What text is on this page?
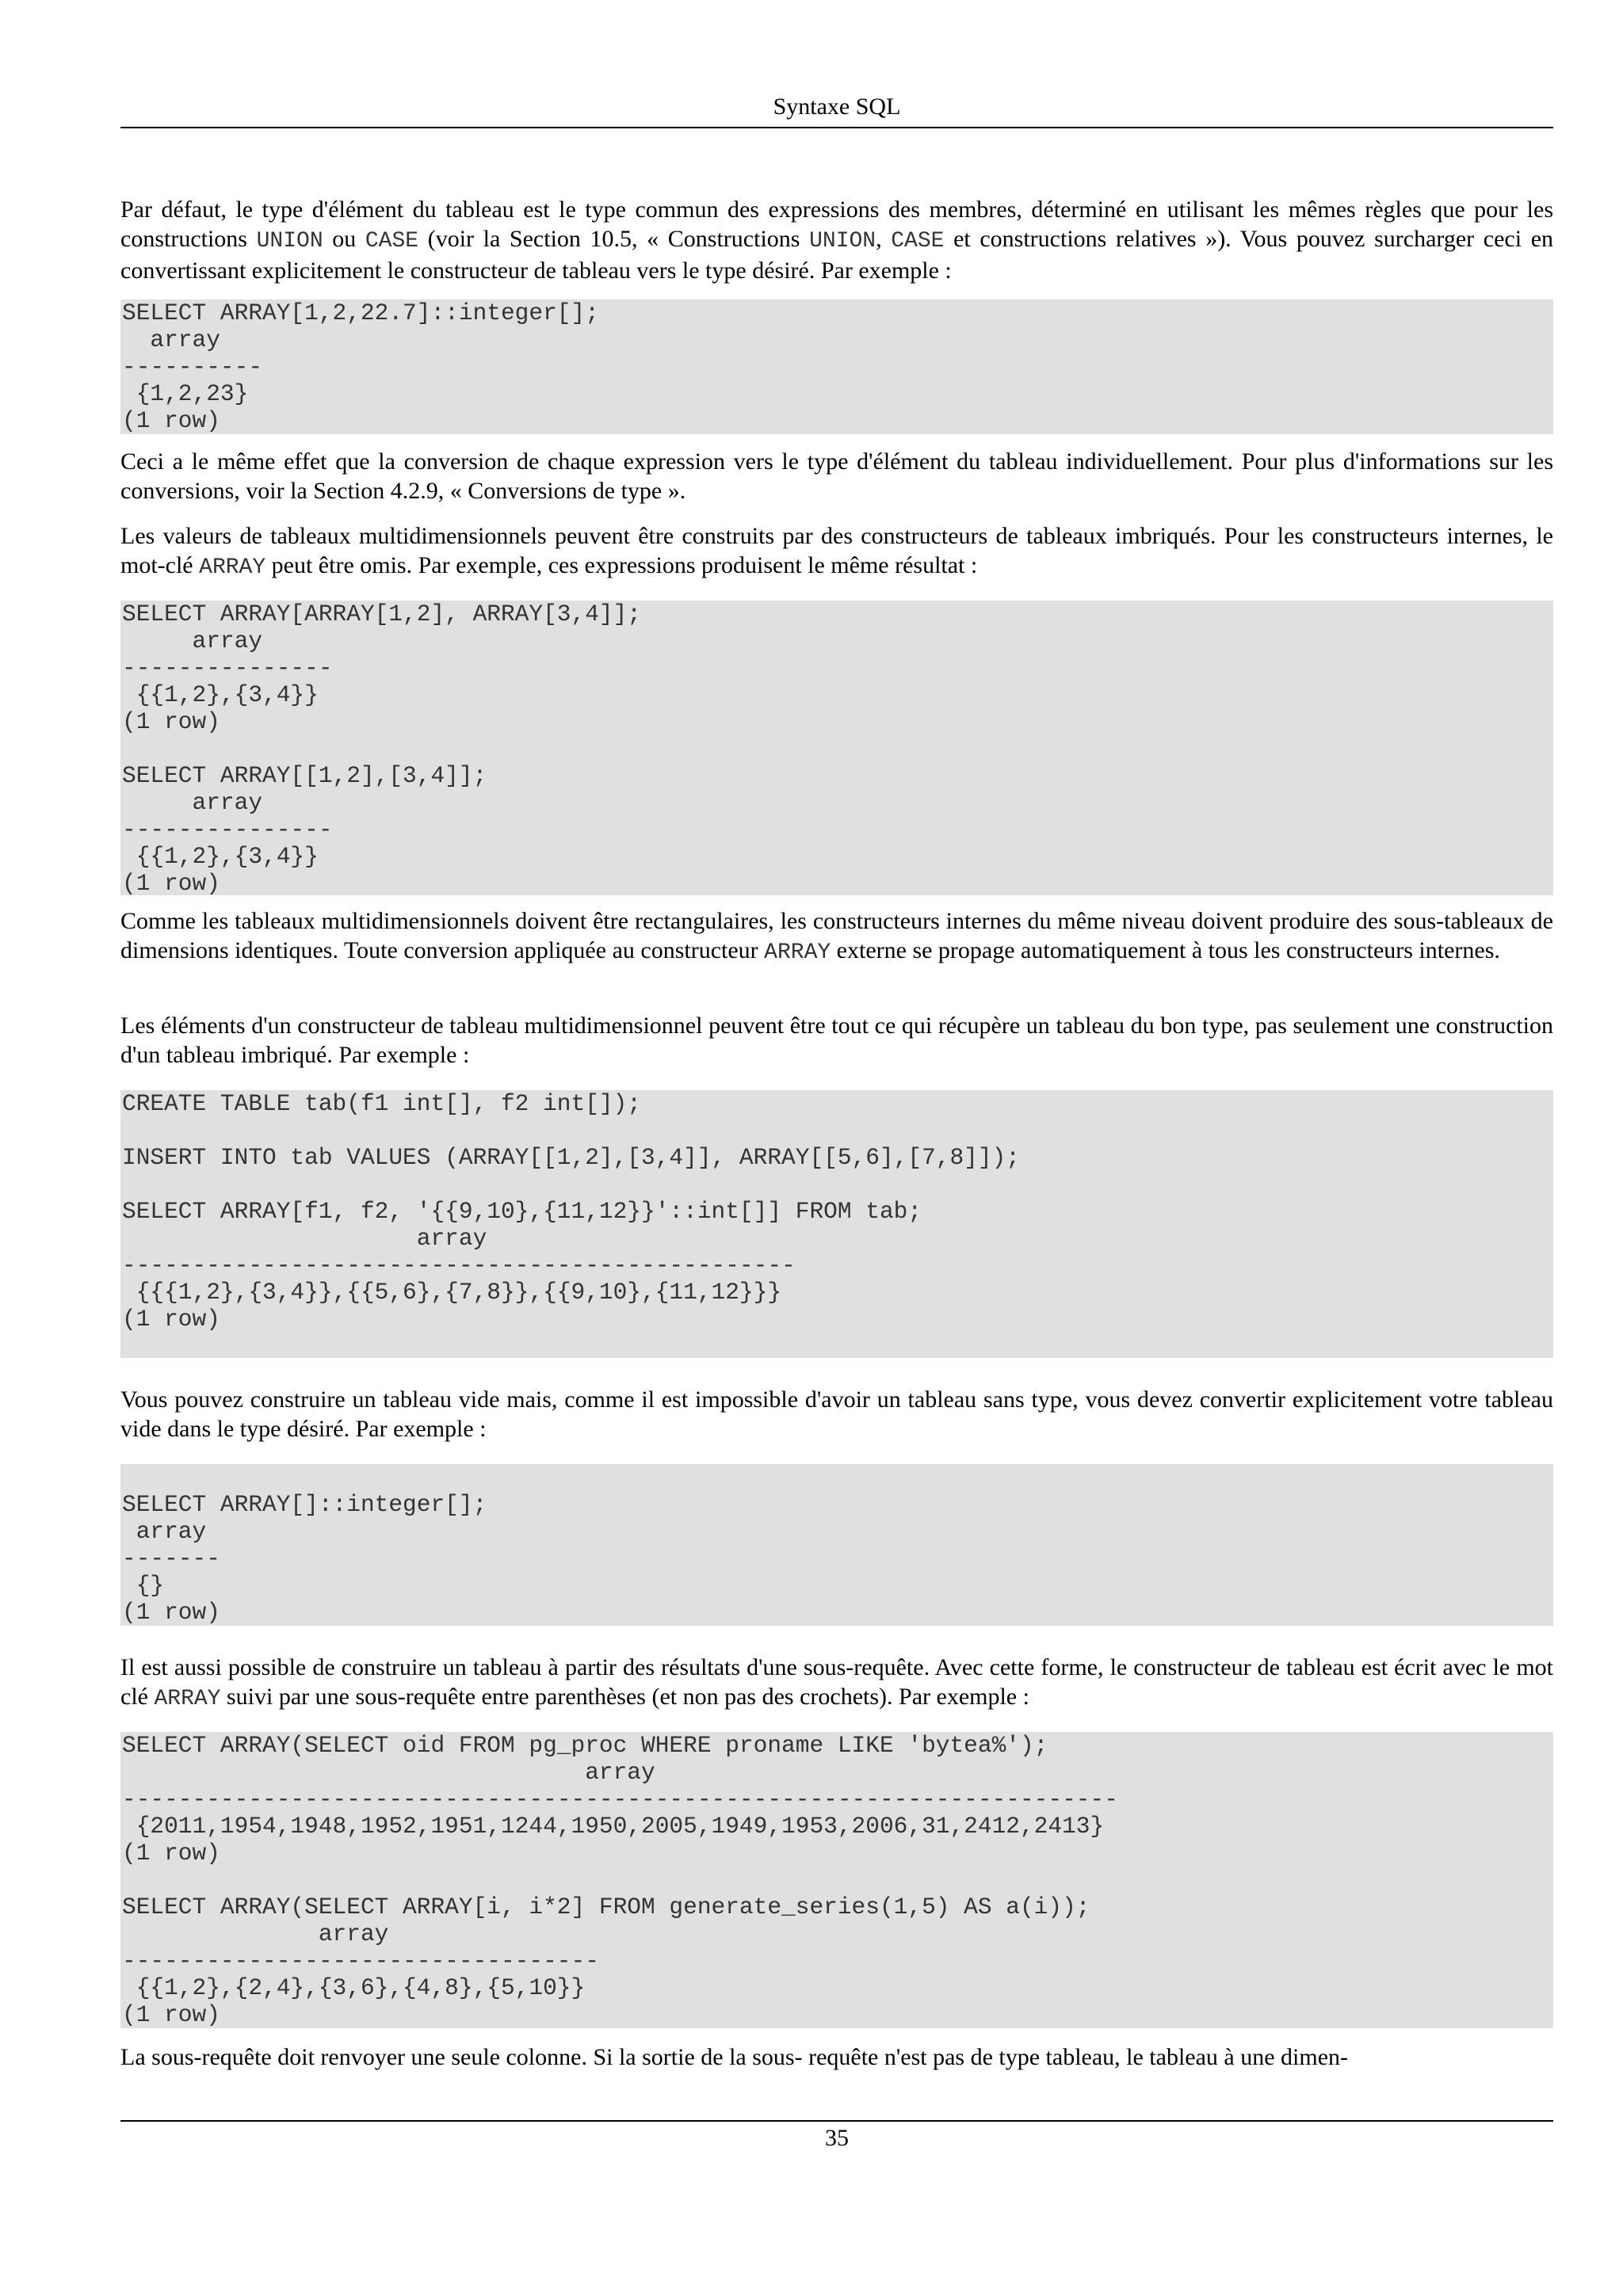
Syntaxe SQL

Par défaut, le type d'élément du tableau est le type commun des expressions des membres, déterminé en utilisant les mêmes règles que pour les constructions UNION ou CASE (voir la Section 10.5, « Constructions UNION, CASE et constructions relatives »). Vous pouvez surcharger ceci en convertissant explicitement le constructeur de tableau vers le type désiré. Par exemple :

SELECT ARRAY[1,2,22.7]::integer[];
array
----------
{1,2,23}
(1 row)

Ceci a le même effet que la conversion de chaque expression vers le type d'élément du tableau individuellement. Pour plus d'informations sur les conversions, voir la Section 4.2.9, « Conversions de type ».

Les valeurs de tableaux multidimensionnels peuvent être construits par des constructeurs de tableaux imbriqués. Pour les constructeurs internes, le mot-clé ARRAY peut être omis. Par exemple, ces expressions produisent le même résultat :

SELECT ARRAY[ARRAY[1,2], ARRAY[3,4]];
array
---------------
{{1,2},{3,4}}
(1 row)

SELECT ARRAY[[1,2],[3,4]];
array
---------------
{{1,2},{3,4}}
(1 row)

Comme les tableaux multidimensionnels doivent être rectangulaires, les constructeurs internes du même niveau doivent produire des sous-tableaux de dimensions identiques. Toute conversion appliquée au constructeur ARRAY externe se propage automatiquement à tous les constructeurs internes.

Les éléments d'un constructeur de tableau multidimensionnel peuvent être tout ce qui récupère un tableau du bon type, pas seulement une construction d'un tableau imbriqué. Par exemple :

CREATE TABLE tab(f1 int[], f2 int[]);

INSERT INTO tab VALUES (ARRAY[[1,2],[3,4]], ARRAY[[5,6],[7,8]]);

SELECT ARRAY[f1, f2, '{{9,10},{11,12}}'::int[]] FROM tab;
array
------------------------------------------------
{{{1,2},{3,4}},{{5,6},{7,8}},{{9,10},{11,12}}}
(1 row)

Vous pouvez construire un tableau vide mais, comme il est impossible d'avoir un tableau sans type, vous devez convertir explicitement votre tableau vide dans le type désiré. Par exemple :

SELECT ARRAY[]::integer[];
array
-------
{}
(1 row)

Il est aussi possible de construire un tableau à partir des résultats d'une sous-requête. Avec cette forme, le constructeur de tableau est écrit avec le mot clé ARRAY suivi par une sous-requête entre parenthèses (et non pas des crochets). Par exemple :

SELECT ARRAY(SELECT oid FROM pg_proc WHERE proname LIKE 'bytea%');
array
-----------------------------------------------------------------------
{2011,1954,1948,1952,1951,1244,1950,2005,1949,1953,2006,31,2412,2413}
(1 row)

SELECT ARRAY(SELECT ARRAY[i, i*2] FROM generate_series(1,5) AS a(i));
array
----------------------------------
{{1,2},{2,4},{3,6},{4,8},{5,10}}
(1 row)

La sous-requête doit renvoyer une seule colonne. Si la sortie de la sous- requête n'est pas de type tableau, le tableau à une dimen-

35
